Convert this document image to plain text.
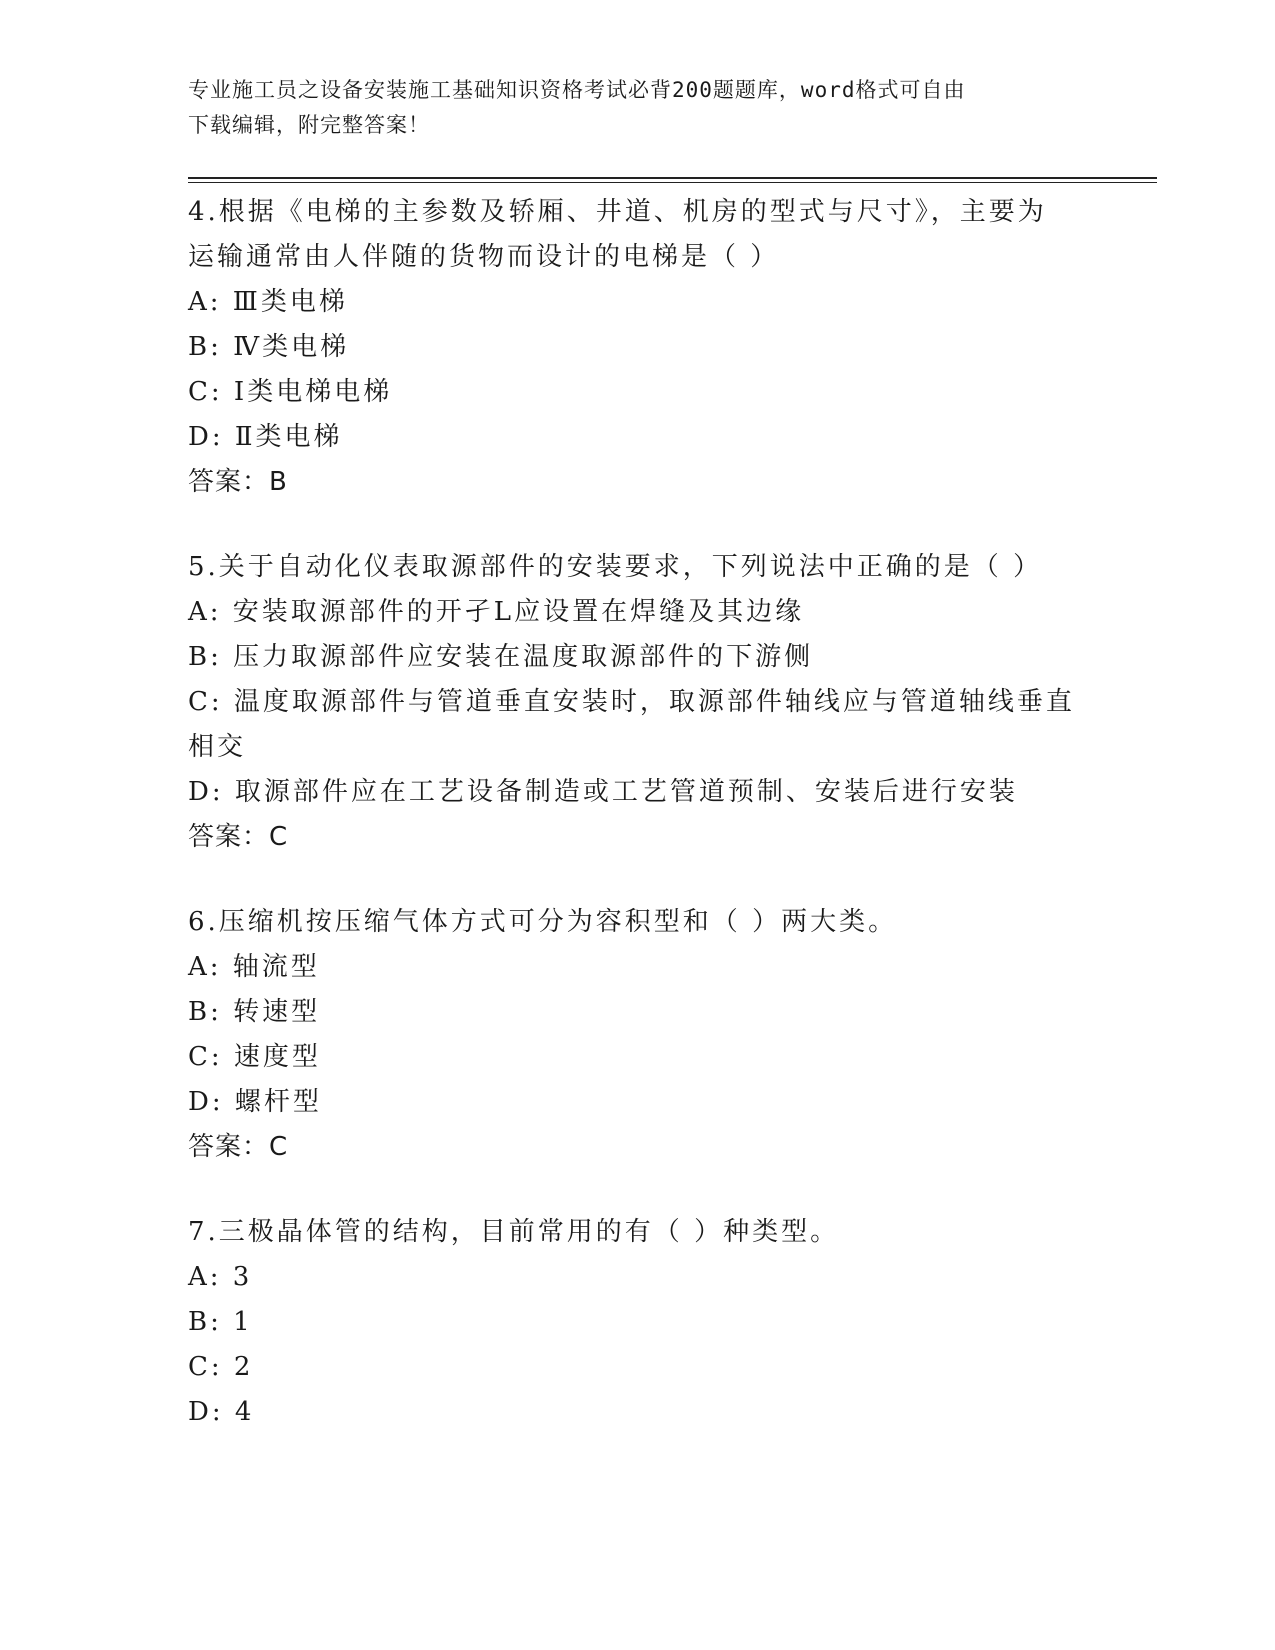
专业施工员之设备安装施工基础知识资格考试必背200题题库，word格式可自由
下载编辑，附完整答案！
4.根据《电梯的主参数及轿厢、井道、机房的型式与尺寸》，主要为
运输通常由人伴随的货物而设计的电梯是（ ）
A: Ⅲ类电梯
B: Ⅳ类电梯
C: Ⅰ类电梯电梯
D: Ⅱ类电梯
答案：B
5.关于自动化仪表取源部件的安装要求，下列说法中正确的是（ ）
A: 安装取源部件的开孑L应设置在焊缝及其边缘
B: 压力取源部件应安装在温度取源部件的下游侧
C: 温度取源部件与管道垂直安装时，取源部件轴线应与管道轴线垂直
相交
D: 取源部件应在工艺设备制造或工艺管道预制、安装后进行安装
答案：C
6.压缩机按压缩气体方式可分为容积型和（ ）两大类。
A: 轴流型
B: 转速型
C: 速度型
D: 螺杆型
答案：C
7.三极晶体管的结构，目前常用的有（ ）种类型。
A: 3
B: 1
C: 2
D: 4
